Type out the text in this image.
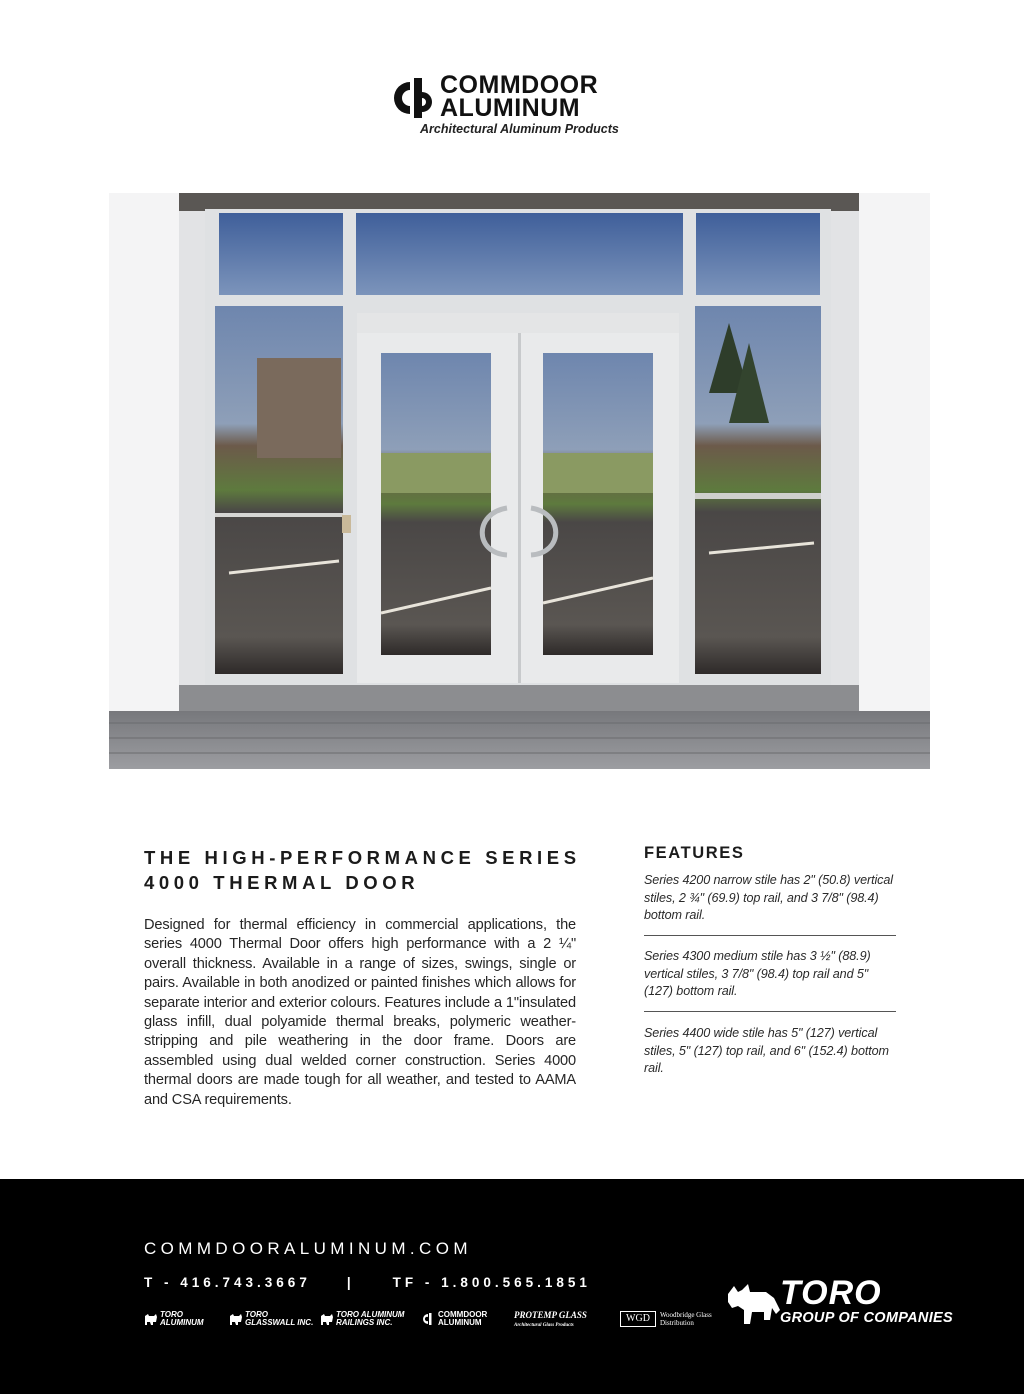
COMMDOOR
ALUMINUM
Architectural Aluminum Products
THE HIGH-PERFORMANCE SERIES
4000 THERMAL DOOR

Designed for thermal efficiency in commercial applications, the series 4000 Thermal Door offers high performance with a 2 ¼" overall thickness. Available in a range of sizes, swings, single or pairs. Available in both anodized or painted finishes which allows for separate interior and exterior colours. Features include a 1"insulated glass infill, dual polyamide thermal breaks, polymeric weather-stripping and pile weathering in the door frame. Doors are assembled using dual welded corner construction. Series 4000 thermal doors are made tough for all weather, and tested to AAMA and CSA requirements.

FEATURES

Series 4200 narrow stile has 2" (50.8) vertical stiles, 2 ¾" (69.9) top rail, and 3 7/8" (98.4) bottom rail.

Series 4300 medium stile has 3 ½" (88.9) vertical stiles, 3 7/8" (98.4) top rail and 5" (127) bottom rail.

Series 4400 wide stile has 5" (127) vertical stiles, 5" (127) top rail, and 6" (152.4) bottom rail.

COMMDOORALUMINUM.COM
T - 416.743.3667	|	TF - 1.800.565.1851
TORO
ALUMINUM
TORO
GLASSWALL INC.
TORO ALUMINUM
RAILINGS INC.
COMMDOOR
ALUMINUM
PROTEMP GLASS
Architectural Glass Products
WGD	Woodbridge Glass
Distribution
TORO
GROUP OF COMPANIES
